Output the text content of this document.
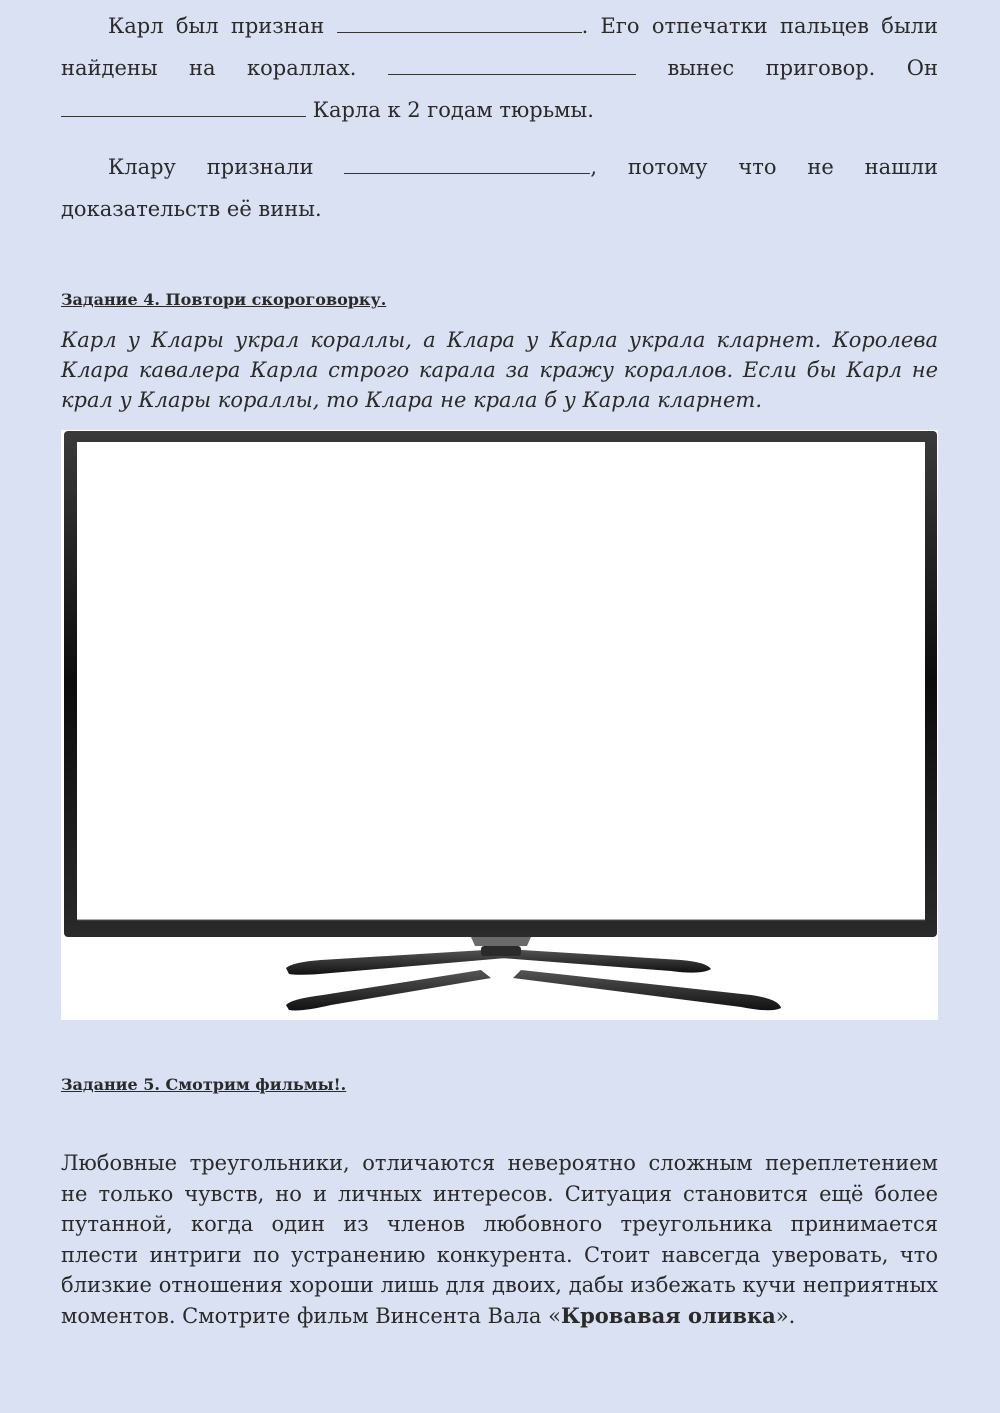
Карл был признан	. Его отпечатки пальцев были найдены на кораллах.	вынес приговор. Он  Карла к 2 годам тюрьмы.

Клару признали	, потому что не нашли доказательств её вины.

Задание 4. Повтори скороговорку.

Карл у Клары украл кораллы, а Клара у Карла украла кларнет. Королева Клара кавалера Карла строго карала за кражу кораллов. Если бы Карл не крал у Клары кораллы, то Клара не крала б у Карла кларнет.

Задание 5. Смотрим фильмы!.

Любовные треугольники, отличаются невероятно сложным переплетением не только чувств, но и личных интересов. Ситуация становится ещё более путанной, когда один из членов любовного треугольника принимается плести интриги по устранению конкурента. Стоит навсегда уверовать, что близкие отношения хороши лишь для двоих, дабы избежать кучи неприятных моментов. Смотрите фильм Винсента Вала «Кровавая оливка».
